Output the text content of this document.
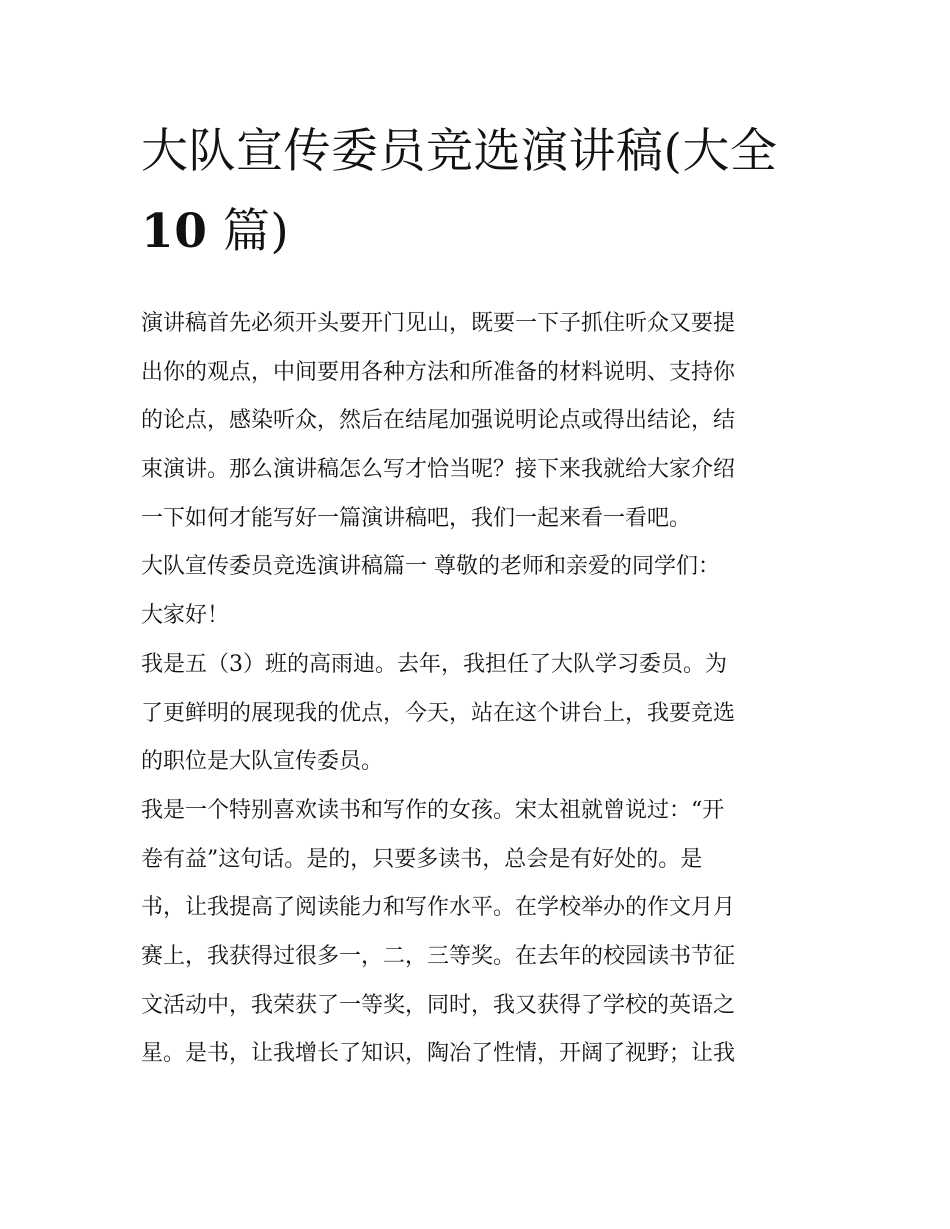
大队宣传委员竞选演讲稿(大全
10 篇)
演讲稿首先必须开头要开门见山，既要一下子抓住听众又要提
出你的观点，中间要用各种方法和所准备的材料说明、支持你
的论点，感染听众，然后在结尾加强说明论点或得出结论，结
束演讲。那么演讲稿怎么写才恰当呢？接下来我就给大家介绍
一下如何才能写好一篇演讲稿吧，我们一起来看一看吧。
大队宣传委员竞选演讲稿篇一 尊敬的老师和亲爱的同学们：
大家好！
我是五（3）班的高雨迪。去年，我担任了大队学习委员。为
了更鲜明的展现我的优点，今天，站在这个讲台上，我要竞选
的职位是大队宣传委员。
我是一个特别喜欢读书和写作的女孩。宋太祖就曾说过：“开
卷有益”这句话。是的，只要多读书，总会是有好处的。是
书，让我提高了阅读能力和写作水平。在学校举办的作文月月
赛上，我获得过很多一，二，三等奖。在去年的校园读书节征
文活动中，我荣获了一等奖，同时，我又获得了学校的英语之
星。是书，让我增长了知识，陶冶了性情，开阔了视野；让我
